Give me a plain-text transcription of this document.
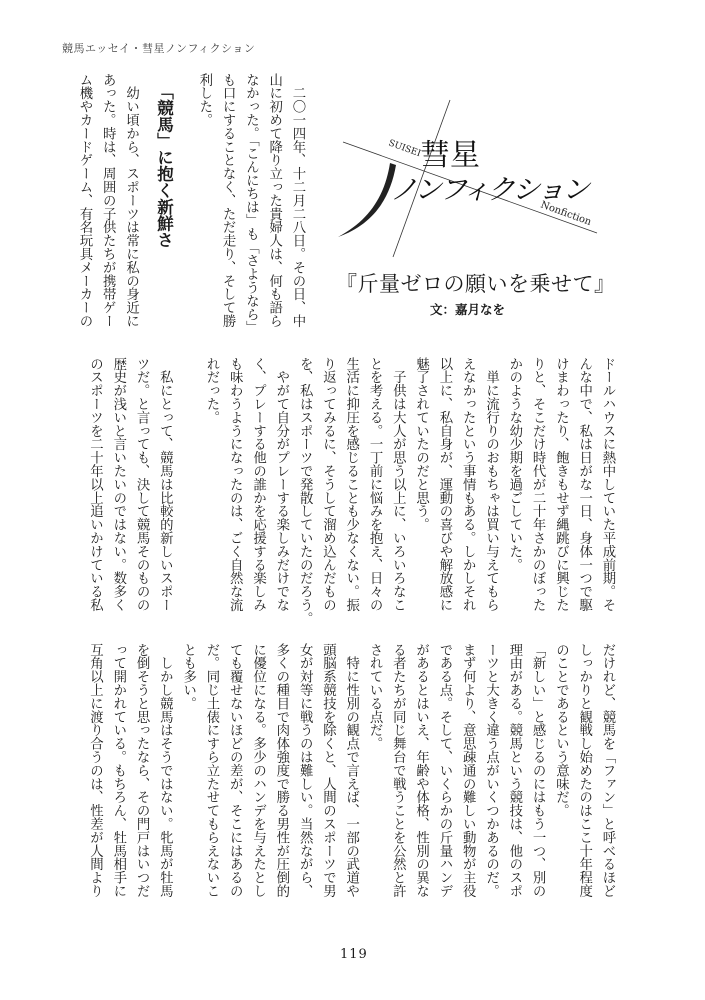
競馬エッセイ・彗星ノンフィクション
彗星
ノンフィクション
SUISEI
Nonfiction
『斤量ゼロの願いを乗せて』
文：嘉月なを
　二〇一四年、十二月二八日。その日、中
山に初めて降り立った貴婦人は、何も語ら
なかった。「こんにちは」も「さようなら」
も口にすることなく、ただ走り、そして勝
利した。
「競馬」に抱く新鮮さ
　幼い頃から、スポーツは常に私の身近に
あった。時は、周囲の子供たちが携帯ゲー
ム機やカードゲーム、有名玩具メーカーの
ドールハウスに熱中していた平成前期。そ
んな中で、私は日がな一日、身体一つで駆
けまわったり、飽きもせず縄跳びに興じた
りと、そこだけ時代が二十年さかのぼった
かのような幼少期を過ごしていた。
　単に流行りのおもちゃは買い与えてもら
えなかったという事情もある。しかしそれ
以上に、私自身が、運動の喜びや解放感に
魅了されていたのだと思う。
　子供は大人が思う以上に、いろいろなこ
とを考える。一丁前に悩みを抱え、日々の
生活に抑圧を感じることも少なくない。振
り返ってみるに、そうして溜め込んだもの
を、私はスポーツで発散していたのだろう。
　やがて自分がプレーする楽しみだけでな
く、プレーする他の誰かを応援する楽しみ
も味わうようになったのは、ごく自然な流
れだった。
　私にとって、競馬は比較的新しいスポー
ツだ。と言っても、決して競馬そのものの
歴史が浅いと言いたいのではない。数多く
のスポーツを二十年以上追いかけている私
だけれど、競馬を「ファン」と呼べるほど
しっかりと観戦し始めたのはここ十年程度
のことであるという意味だ。
「新しい」と感じるのにはもう一つ、別の
理由がある。競馬という競技は、他のスポ
ーツと大きく違う点がいくつかあるのだ。
まず何より、意思疎通の難しい動物が主役
である点。そして、いくらかの斤量ハンデ
があるとはいえ、年齢や体格、性別の異な
る者たちが同じ舞台で戦うことを公然と許
されている点だ。
　特に性別の観点で言えば、一部の武道や
頭脳系競技を除くと、人間のスポーツで男
女が対等に戦うのは難しい。当然ながら、
多くの種目で肉体強度で勝る男性が圧倒的
に優位になる。多少のハンデを与えたとし
ても覆せないほどの差が、そこにはあるの
だ。同じ土俵にすら立たせてもらえないこ
とも多い。
　しかし競馬はそうではない。牝馬が牡馬
を倒そうと思ったなら、その門戸はいつだ
って開かれている。もちろん、牡馬相手に
互角以上に渡り合うのは、性差が人間より
119
